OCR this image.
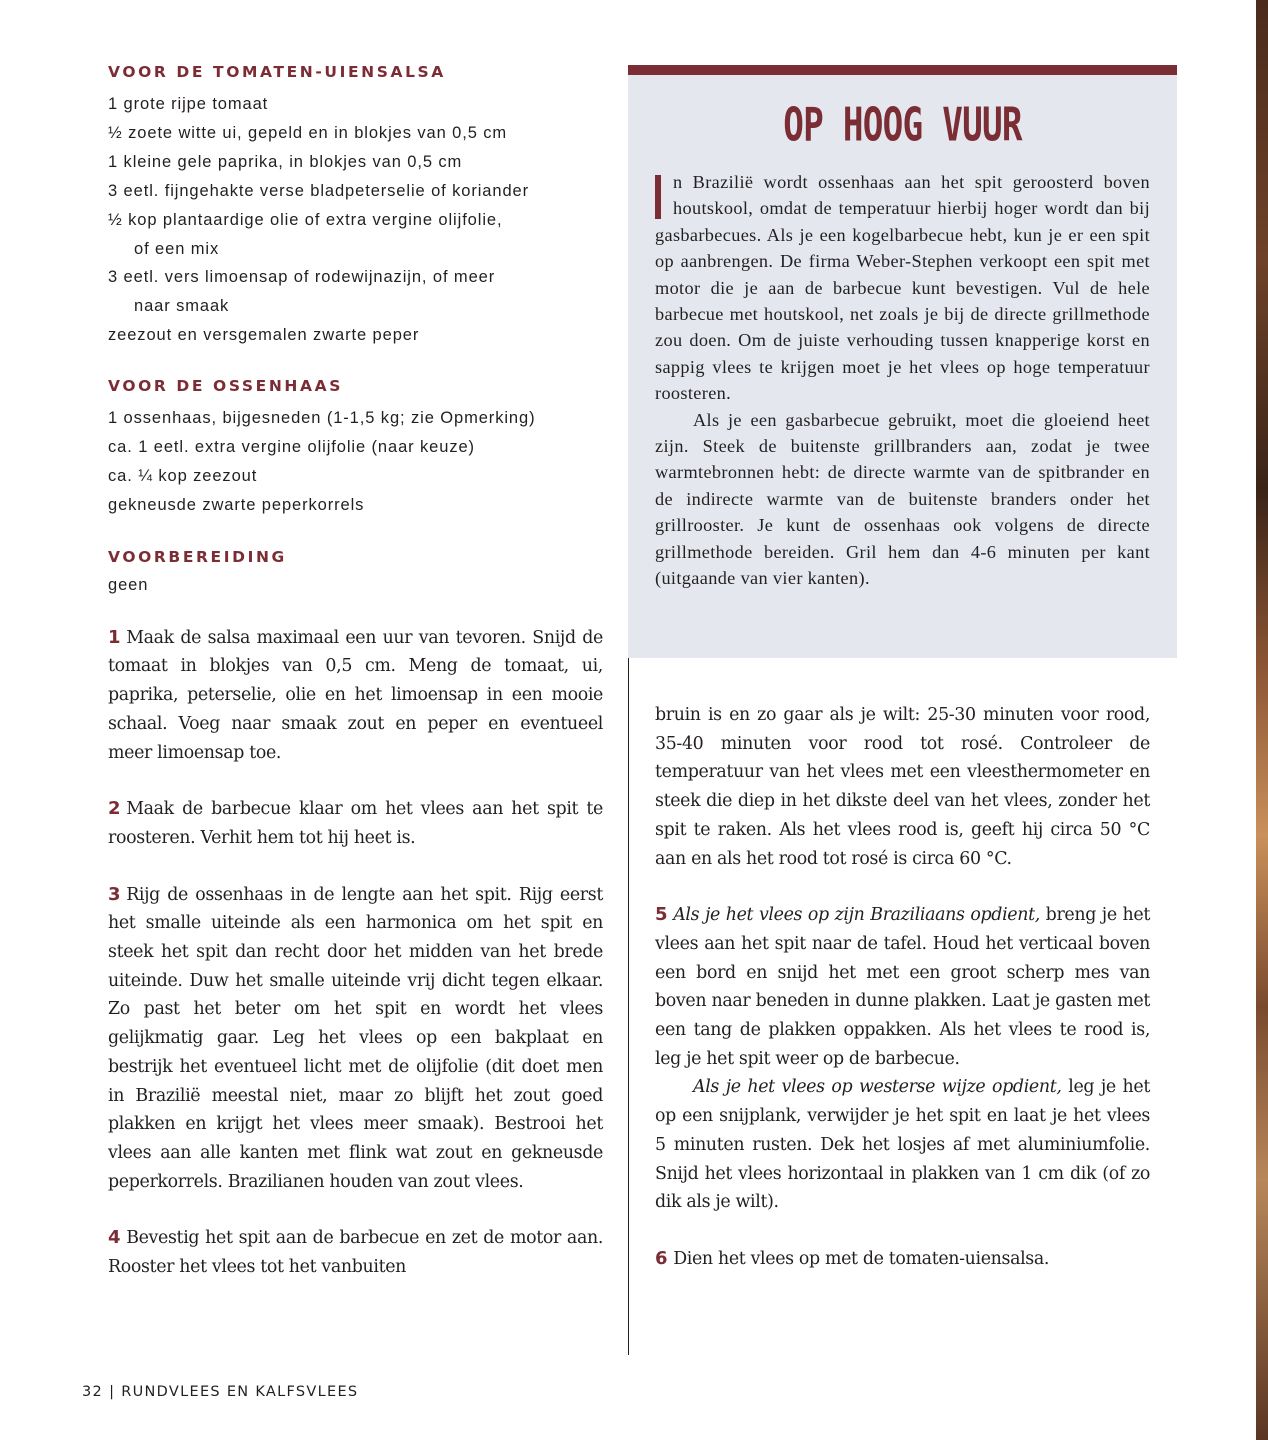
VOOR DE TOMATEN-UIENSALSA
1 grote rijpe tomaat
½ zoete witte ui, gepeld en in blokjes van 0,5 cm
1 kleine gele paprika, in blokjes van 0,5 cm
3 eetl. fijngehakte verse bladpeterselie of koriander
½ kop plantaardige olie of extra vergine olijfolie,
of een mix
3 eetl. vers limoensap of rodewijnazijn, of meer
naar smaak
zeezout en versgemalen zwarte peper
VOOR DE OSSENHAAS
1 ossenhaas, bijgesneden (1-1,5 kg; zie Opmerking)
ca. 1 eetl. extra vergine olijfolie (naar keuze)
ca. ¼ kop zeezout
gekneusde zwarte peperkorrels
VOORBEREIDING
geen

1 Maak de salsa maximaal een uur van tevoren. Snijd de tomaat in blokjes van 0,5 cm. Meng de tomaat, ui, paprika, peterselie, olie en het limoensap in een mooie schaal. Voeg naar smaak zout en peper en eventueel meer limoensap toe.

2 Maak de barbecue klaar om het vlees aan het spit te roosteren. Verhit hem tot hij heet is.

3 Rijg de ossenhaas in de lengte aan het spit. Rijg eerst het smalle uiteinde als een harmonica om het spit en steek het spit dan recht door het midden van het brede uiteinde. Duw het smalle uiteinde vrij dicht tegen elkaar. Zo past het beter om het spit en wordt het vlees gelijkmatig gaar. Leg het vlees op een bakplaat en bestrijk het eventueel licht met de olijfolie (dit doet men in Brazilië meestal niet, maar zo blijft het zout goed plakken en krijgt het vlees meer smaak). Bestrooi het vlees aan alle kanten met flink wat zout en gekneusde peperkorrels. Brazilianen houden van zout vlees.

4 Bevestig het spit aan de barbecue en zet de motor aan. Rooster het vlees tot het vanbuiten

OP HOOG VUUR

n Brazilië wordt ossenhaas aan het spit geroosterd boven houtskool, omdat de temperatuur hierbij hoger wordt dan bij gasbarbecues. Als je een kogelbarbecue hebt, kun je er een spit op aanbrengen. De firma Weber-Stephen verkoopt een spit met motor die je aan de barbecue kunt bevestigen. Vul de hele barbecue met houtskool, net zoals je bij de directe grillmethode zou doen. Om de juiste verhouding tussen knapperige korst en sappig vlees te krijgen moet je het vlees op hoge temperatuur roosteren.

Als je een gasbarbecue gebruikt, moet die gloeiend heet zijn. Steek de buitenste grillbranders aan, zodat je twee warmtebronnen hebt: de directe warmte van de spitbrander en de indirecte warmte van de buitenste branders onder het grillrooster. Je kunt de ossenhaas ook volgens de directe grillmethode bereiden. Gril hem dan 4-6 minuten per kant (uitgaande van vier kanten).

bruin is en zo gaar als je wilt: 25-30 minuten voor rood, 35-40 minuten voor rood tot rosé. Controleer de temperatuur van het vlees met een vleesthermometer en steek die diep in het dikste deel van het vlees, zonder het spit te raken. Als het vlees rood is, geeft hij circa 50 °C aan en als het rood tot rosé is circa 60 °C.

5 Als je het vlees op zijn Braziliaans opdient, breng je het vlees aan het spit naar de tafel. Houd het verticaal boven een bord en snijd het met een groot scherp mes van boven naar beneden in dunne plakken. Laat je gasten met een tang de plakken oppakken. Als het vlees te rood is, leg je het spit weer op de barbecue.

Als je het vlees op westerse wijze opdient, leg je het op een snijplank, verwijder je het spit en laat je het vlees 5 minuten rusten. Dek het losjes af met aluminiumfolie. Snijd het vlees horizontaal in plakken van 1 cm dik (of zo dik als je wilt).

6 Dien het vlees op met de tomaten-uiensalsa.

32 | RUNDVLEES EN KALFSVLEES
